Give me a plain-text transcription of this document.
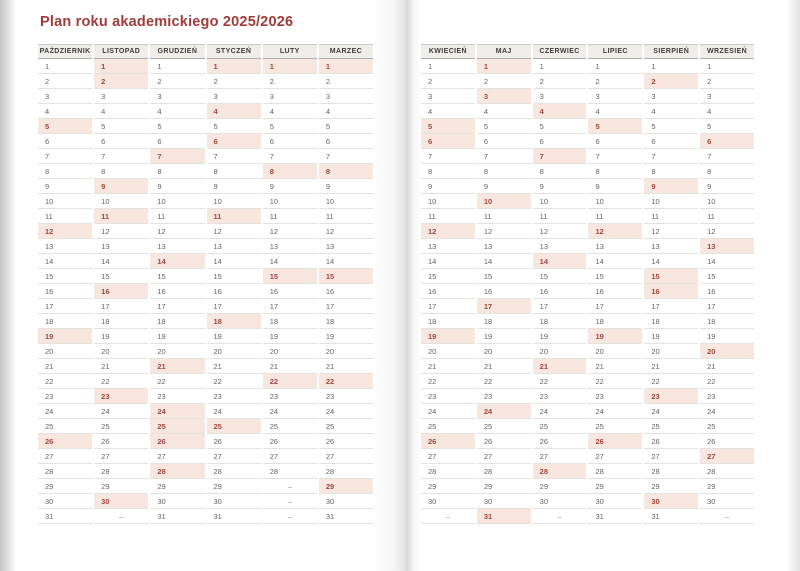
Plan roku akademickiego 2025/2026
PAŹDZIERNIK
1
2
3
4
5
6
7
8
9
10
11
12
13
14
15
16
17
18
19
20
21
22
23
24
25
26
27
28
29
30
31
LISTOPAD
1
2
3
4
5
6
7
8
9
10
11
12
13
14
15
16
17
18
19
20
21
22
23
24
25
26
27
28
29
30
–
GRUDZIEŃ
1
2
3
4
5
6
7
8
9
10
11
12
13
14
15
16
17
18
19
20
21
22
23
24
25
26
27
28
29
30
31
STYCZEŃ
1
2
3
4
5
6
7
8
9
10
11
12
13
14
15
16
17
18
19
20
21
22
23
24
25
26
27
28
29
30
31
LUTY
1
2
3
4
5
6
7
8
9
10
11
12
13
14
15
16
17
18
19
20
21
22
23
24
25
26
27
28
–
–
–
MARZEC
1
2
3
4
5
6
7
8
9
10
11
12
13
14
15
16
17
18
19
20
21
22
23
24
25
26
27
28
29
30
31
KWIECIEŃ
1
2
3
4
5
6
7
8
9
10
11
12
13
14
15
16
17
18
19
20
21
22
23
24
25
26
27
28
29
30
–
MAJ
1
2
3
4
5
6
7
8
9
10
11
12
13
14
15
16
17
18
19
20
21
22
23
24
25
26
27
28
29
30
31
CZERWIEC
1
2
3
4
5
6
7
8
9
10
11
12
13
14
15
16
17
18
19
20
21
22
23
24
25
26
27
28
29
30
–
LIPIEC
1
2
3
4
5
6
7
8
9
10
11
12
13
14
15
16
17
18
19
20
21
22
23
24
25
26
27
28
29
30
31
SIERPIEŃ
1
2
3
4
5
6
7
8
9
10
11
12
13
14
15
16
17
18
19
20
21
22
23
24
25
26
27
28
29
30
31
WRZESIEŃ
1
2
3
4
5
6
7
8
9
10
11
12
13
14
15
16
17
18
19
20
21
22
23
24
25
26
27
28
29
30
–
